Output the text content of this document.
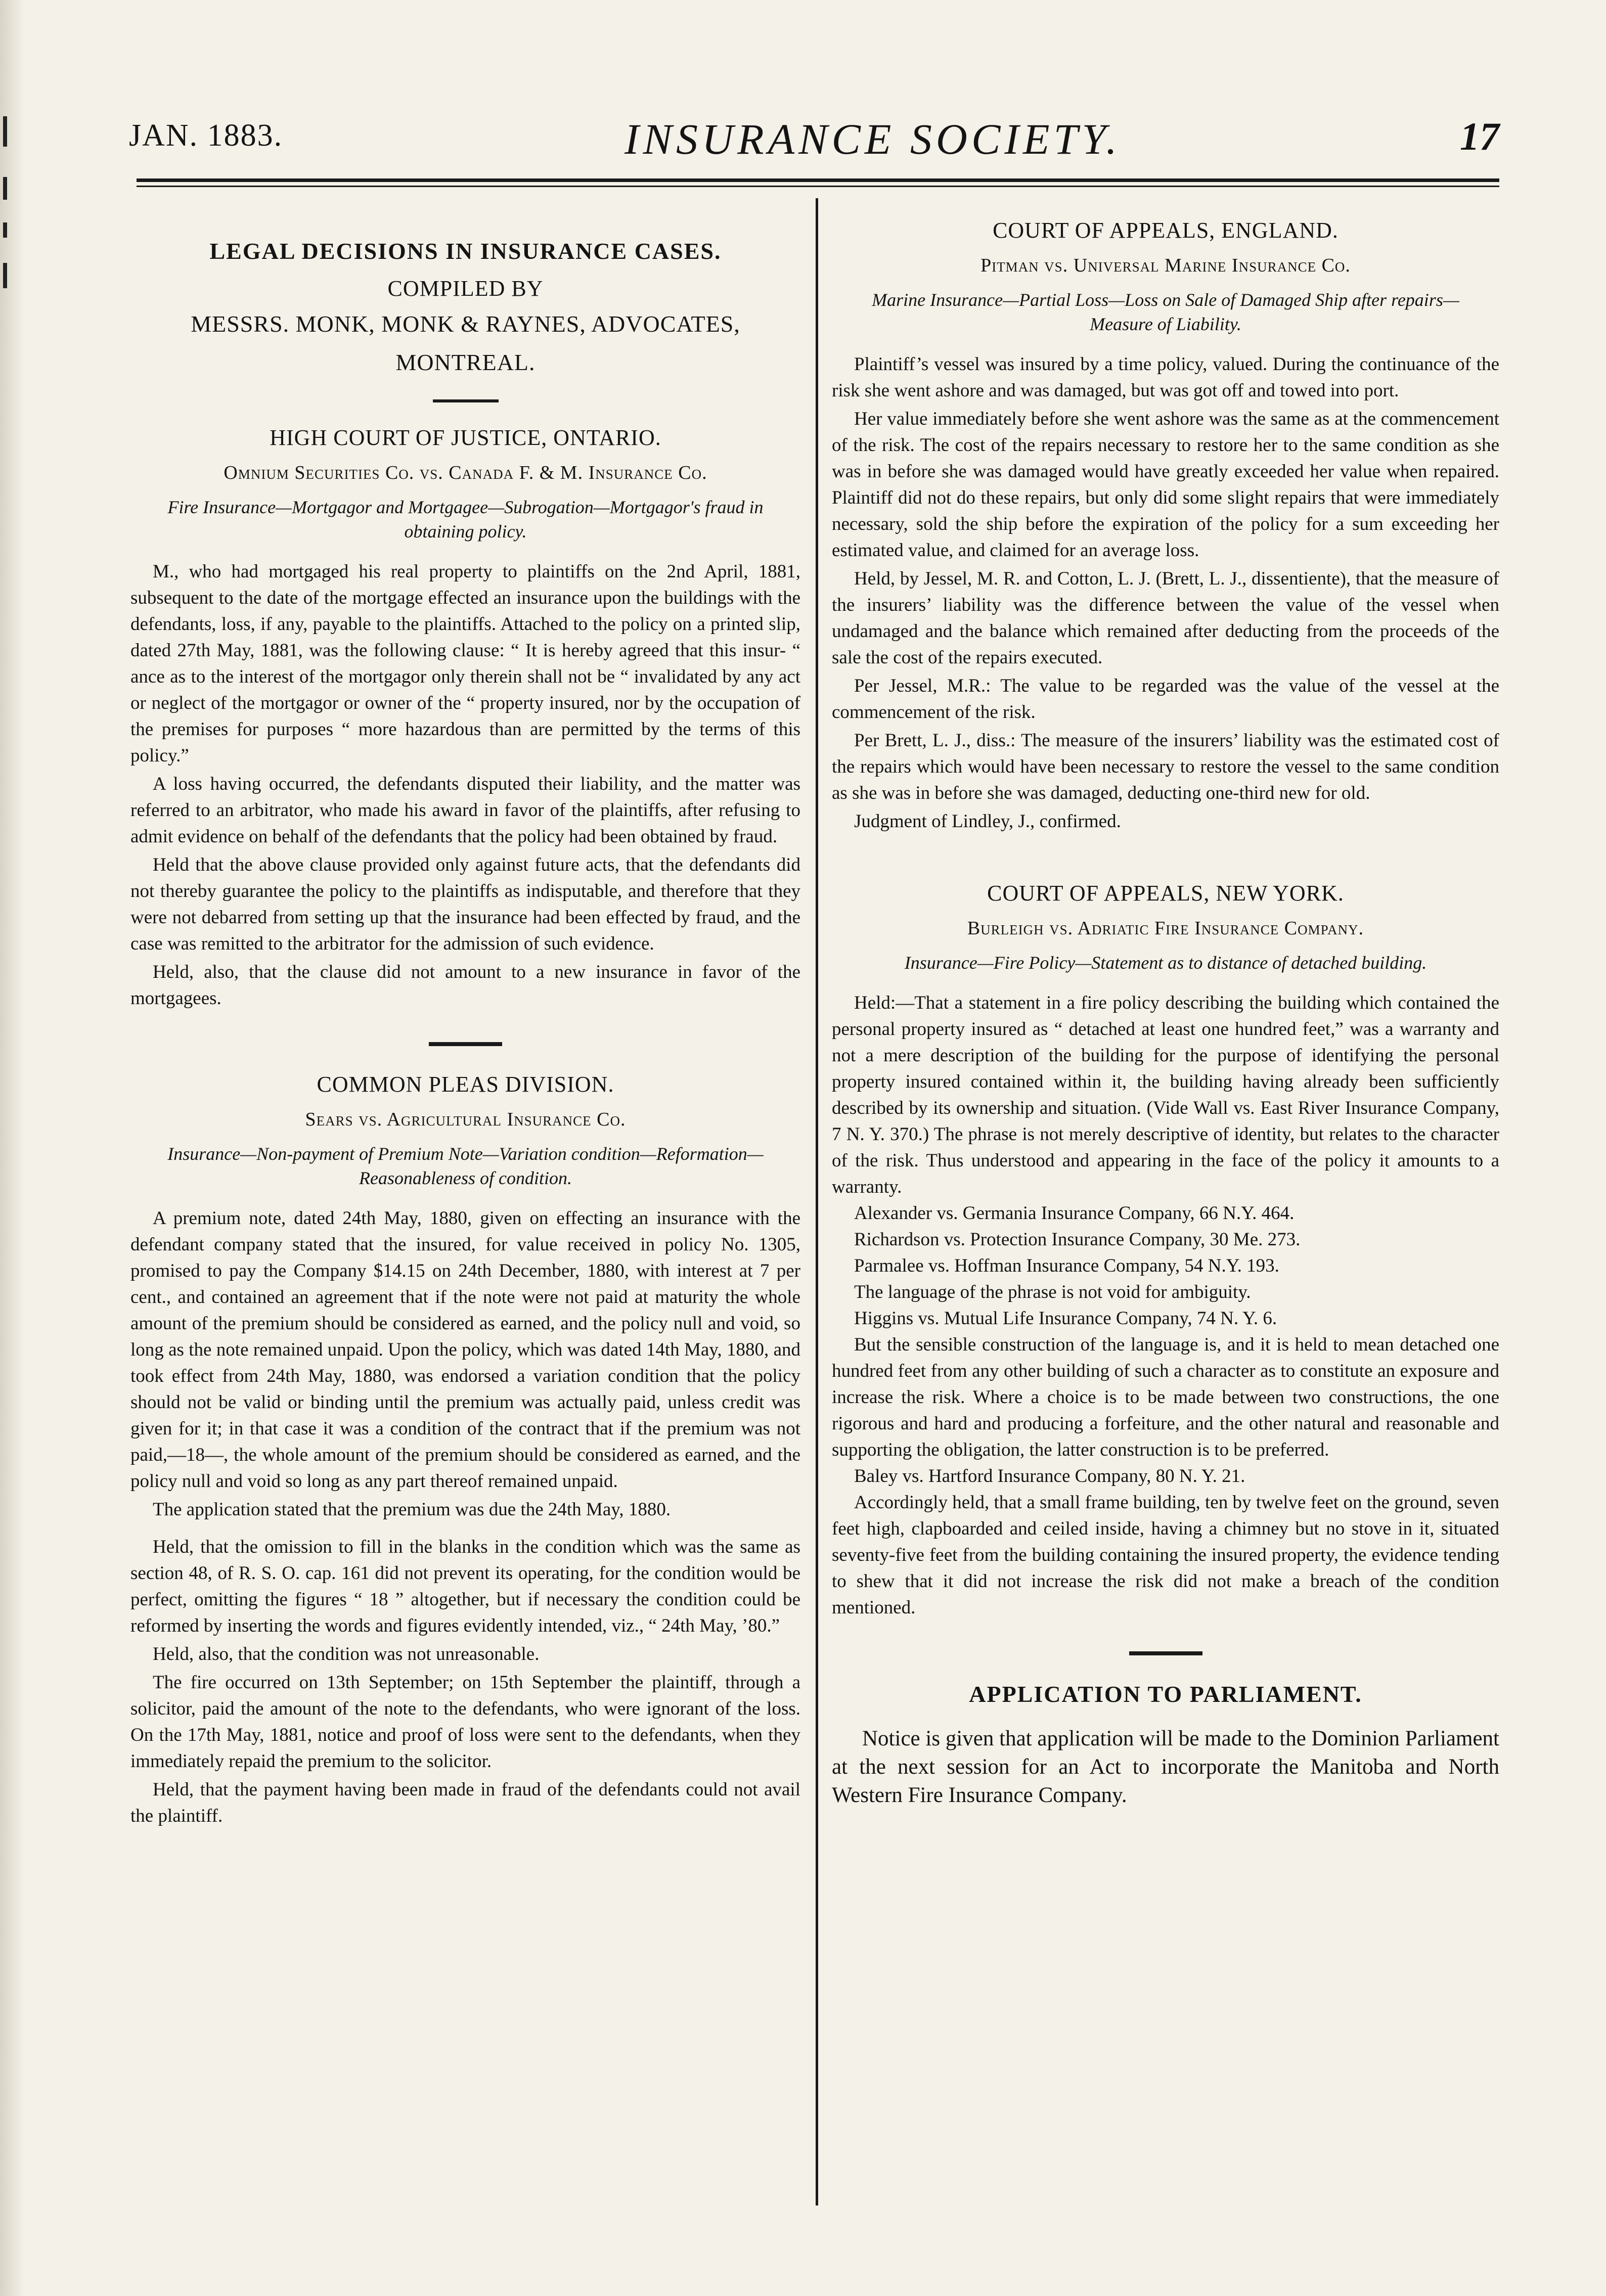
JAN. 1883.	INSURANCE SOCIETY.	17
LEGAL DECISIONS IN INSURANCE CASES.
COMPILED BY
MESSRS. MONK, MONK & RAYNES, ADVOCATES,
MONTREAL.
HIGH COURT OF JUSTICE, ONTARIO.
Omnium Securities Co. vs. Canada F. & M. Insurance Co.
Fire Insurance—Mortgagor and Mortgagee—Subrogation—Mortgagor's fraud in obtaining policy.

M., who had mortgaged his real property to plaintiffs on the 2nd April, 1881, subsequent to the date of the mortgage effected an insurance upon the buildings with the defendants, loss, if any, payable to the plaintiffs. Attached to the policy on a printed slip, dated 27th May, 1881, was the following clause: “ It is hereby agreed that this insur- “ ance as to the interest of the mortgagor only therein shall not be “ invalidated by any act or neglect of the mortgagor or owner of the “ property insured, nor by the occupation of the premises for purposes “ more hazardous than are permitted by the terms of this policy.”

A loss having occurred, the defendants disputed their liability, and the matter was referred to an arbitrator, who made his award in favor of the plaintiffs, after refusing to admit evidence on behalf of the defendants that the policy had been obtained by fraud.

Held that the above clause provided only against future acts, that the defendants did not thereby guarantee the policy to the plaintiffs as indisputable, and therefore that they were not debarred from setting up that the insurance had been effected by fraud, and the case was remitted to the arbitrator for the admission of such evidence.

Held, also, that the clause did not amount to a new insurance in favor of the mortgagees.

COMMON PLEAS DIVISION.
Sears vs. Agricultural Insurance Co.
Insurance—Non-payment of Premium Note—Variation condition—Reformation—Reasonableness of condition.

A premium note, dated 24th May, 1880, given on effecting an insurance with the defendant company stated that the insured, for value received in policy No. 1305, promised to pay the Company $14.15 on 24th December, 1880, with interest at 7 per cent., and contained an agreement that if the note were not paid at maturity the whole amount of the premium should be considered as earned, and the policy null and void, so long as the note remained unpaid. Upon the policy, which was dated 14th May, 1880, and took effect from 24th May, 1880, was endorsed a variation condition that the policy should not be valid or binding until the premium was actually paid, unless credit was given for it; in that case it was a condition of the contract that if the premium was not paid,—18—, the whole amount of the premium should be considered as earned, and the policy null and void so long as any part thereof remained unpaid.

The application stated that the premium was due the 24th May, 1880.

Held, that the omission to fill in the blanks in the condition which was the same as section 48, of R. S. O. cap. 161 did not prevent its operating, for the condition would be perfect, omitting the figures “ 18 ” altogether, but if necessary the condition could be reformed by inserting the words and figures evidently intended, viz., “ 24th May, ’80.”

Held, also, that the condition was not unreasonable.

The fire occurred on 13th September; on 15th September the plaintiff, through a solicitor, paid the amount of the note to the defendants, who were ignorant of the loss. On the 17th May, 1881, notice and proof of loss were sent to the defendants, when they immediately repaid the premium to the solicitor.

Held, that the payment having been made in fraud of the defendants could not avail the plaintiff.

COURT OF APPEALS, ENGLAND.
Pitman vs. Universal Marine Insurance Co.
Marine Insurance—Partial Loss—Loss on Sale of Damaged Ship after repairs—Measure of Liability.

Plaintiff’s vessel was insured by a time policy, valued. During the continuance of the risk she went ashore and was damaged, but was got off and towed into port.

Her value immediately before she went ashore was the same as at the commencement of the risk. The cost of the repairs necessary to restore her to the same condition as she was in before she was damaged would have greatly exceeded her value when repaired. Plaintiff did not do these repairs, but only did some slight repairs that were immediately necessary, sold the ship before the expiration of the policy for a sum exceeding her estimated value, and claimed for an average loss.

Held, by Jessel, M. R. and Cotton, L. J. (Brett, L. J., dissentiente), that the measure of the insurers’ liability was the difference between the value of the vessel when undamaged and the balance which remained after deducting from the proceeds of the sale the cost of the repairs executed.

Per Jessel, M.R.: The value to be regarded was the value of the vessel at the commencement of the risk.

Per Brett, L. J., diss.: The measure of the insurers’ liability was the estimated cost of the repairs which would have been necessary to restore the vessel to the same condition as she was in before she was damaged, deducting one-third new for old.

Judgment of Lindley, J., confirmed.

COURT OF APPEALS, NEW YORK.
Burleigh vs. Adriatic Fire Insurance Company.
Insurance—Fire Policy—Statement as to distance of detached building.

Held:—That a statement in a fire policy describing the building which contained the personal property insured as “ detached at least one hundred feet,” was a warranty and not a mere description of the building for the purpose of identifying the personal property insured contained within it, the building having already been sufficiently described by its ownership and situation. (Vide Wall vs. East River Insurance Company, 7 N. Y. 370.) The phrase is not merely descriptive of identity, but relates to the character of the risk. Thus understood and appearing in the face of the policy it amounts to a warranty.

Alexander vs. Germania Insurance Company, 66 N.Y. 464.

Richardson vs. Protection Insurance Company, 30 Me. 273.

Parmalee vs. Hoffman Insurance Company, 54 N.Y. 193.

The language of the phrase is not void for ambiguity.

Higgins vs. Mutual Life Insurance Company, 74 N. Y. 6.

But the sensible construction of the language is, and it is held to mean detached one hundred feet from any other building of such a character as to constitute an exposure and increase the risk. Where a choice is to be made between two constructions, the one rigorous and hard and producing a forfeiture, and the other natural and reasonable and supporting the obligation, the latter construction is to be preferred.

Baley vs. Hartford Insurance Company, 80 N. Y. 21.

Accordingly held, that a small frame building, ten by twelve feet on the ground, seven feet high, clapboarded and ceiled inside, having a chimney but no stove in it, situated seventy-five feet from the building containing the insured property, the evidence tending to shew that it did not increase the risk did not make a breach of the condition mentioned.

APPLICATION TO PARLIAMENT.

Notice is given that application will be made to the Dominion Parliament at the next session for an Act to incorporate the Manitoba and North Western Fire Insurance Company.
